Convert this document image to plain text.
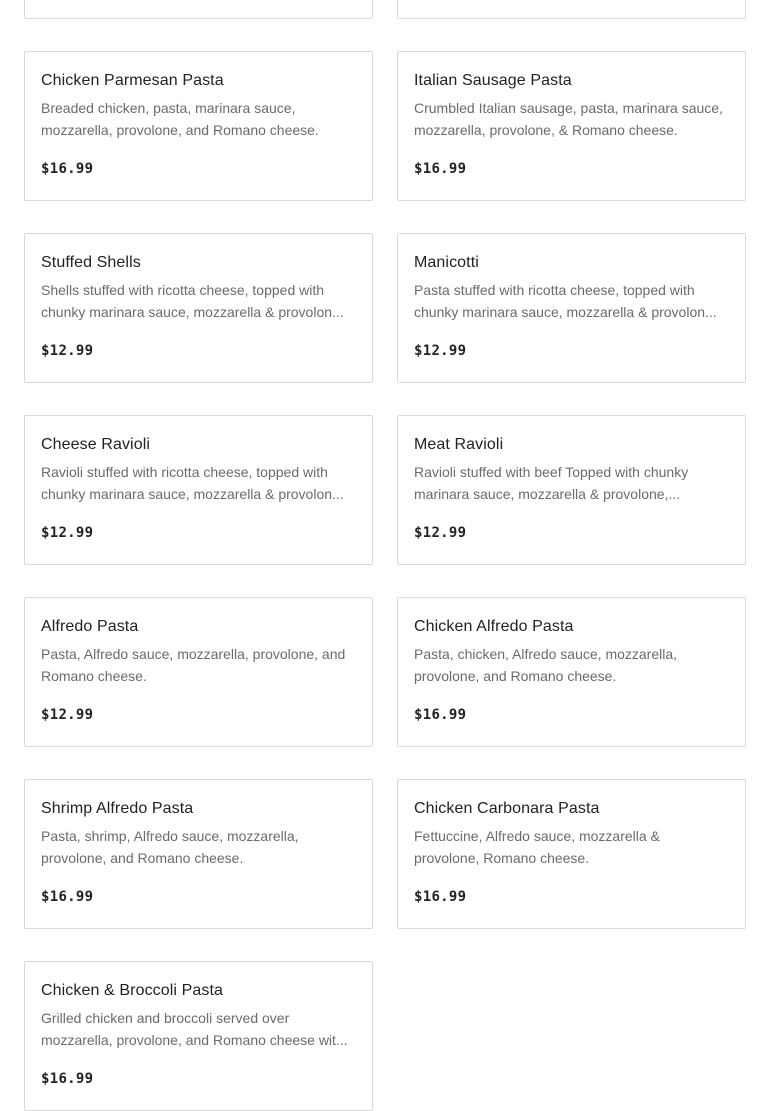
Chicken Parmesan Pasta
Breaded chicken, pasta, marinara sauce, mozzarella, provolone, and Romano cheese.
$16.99
Italian Sausage Pasta
Crumbled Italian sausage, pasta, marinara sauce, mozzarella, provolone, & Romano cheese.
$16.99
Stuffed Shells
Shells stuffed with ricotta cheese, topped with chunky marinara sauce, mozzarella & provolon...
$12.99
Manicotti
Pasta stuffed with ricotta cheese, topped with chunky marinara sauce, mozzarella & provolon...
$12.99
Cheese Ravioli
Ravioli stuffed with ricotta cheese, topped with chunky marinara sauce, mozzarella & provolon...
$12.99
Meat Ravioli
Ravioli stuffed with beef Topped with chunky marinara sauce, mozzarella & provolone,...
$12.99
Alfredo Pasta
Pasta, Alfredo sauce, mozzarella, provolone, and Romano cheese.
$12.99
Chicken Alfredo Pasta
Pasta, chicken, Alfredo sauce, mozzarella, provolone, and Romano cheese.
$16.99
Shrimp Alfredo Pasta
Pasta, shrimp, Alfredo sauce, mozzarella, provolone, and Romano cheese.
$16.99
Chicken Carbonara Pasta
Fettuccine, Alfredo sauce, mozzarella & provolone, Romano cheese.
$16.99
Chicken & Broccoli Pasta
Grilled chicken and broccoli served over mozzarella, provolone, and Romano cheese wit...
$16.99
